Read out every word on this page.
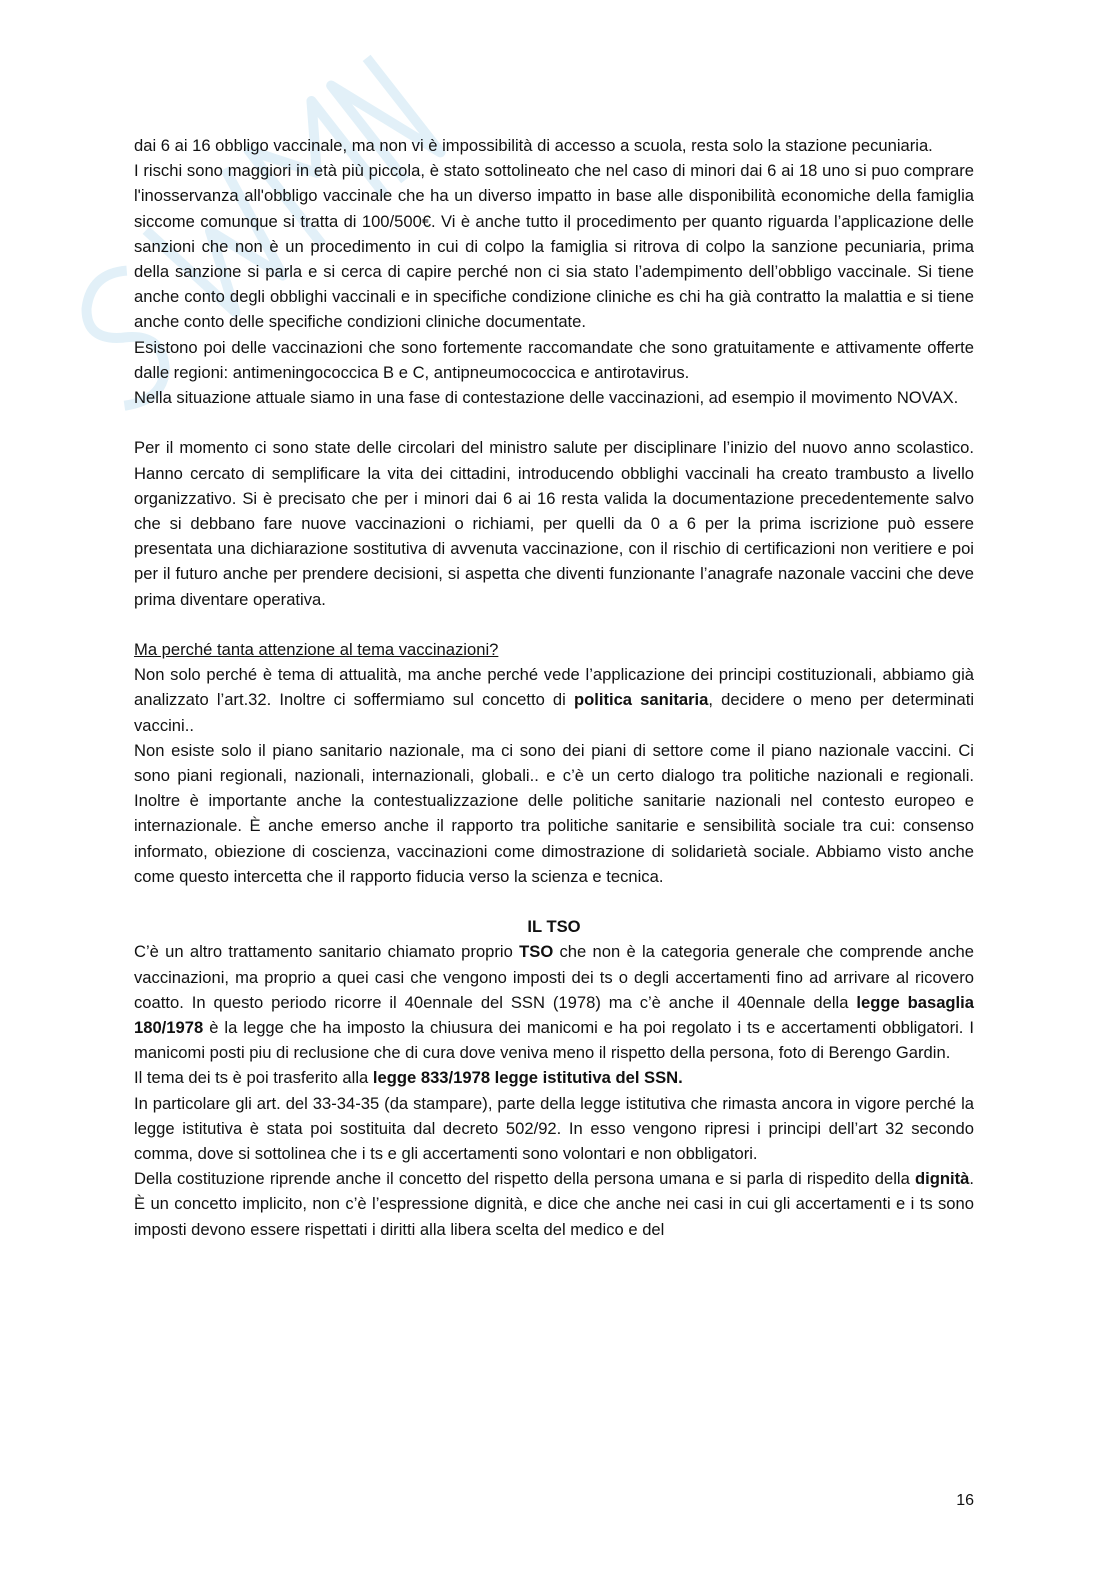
dai 6 ai 16 obbligo vaccinale, ma non vi è impossibilità di accesso a scuola, resta solo la stazione pecuniaria.

I rischi sono maggiori in età più piccola, è stato sottolineato che nel caso di minori dai 6 ai 18 uno si puo comprare l'inosservanza all'obbligo vaccinale che ha un diverso impatto in base alle disponibilità economiche della famiglia siccome comunque si tratta di 100/500€. Vi è anche tutto il procedimento per quanto riguarda l’applicazione delle sanzioni che non è un procedimento in cui di colpo la famiglia si ritrova di colpo la sanzione pecuniaria, prima della sanzione si parla e si cerca di capire perché non ci sia stato l’adempimento dell’obbligo vaccinale. Si tiene anche conto degli obblighi vaccinali e in specifiche condizione cliniche es chi ha già contratto la malattia e si tiene anche conto delle specifiche condizioni cliniche documentate.

Esistono poi delle vaccinazioni che sono fortemente raccomandate che sono gratuitamente e attivamente offerte dalle regioni: antimeningococcica B e C, antipneumococcica e antirotavirus.

Nella situazione attuale siamo in una fase di contestazione delle vaccinazioni, ad esempio il movimento NOVAX.

Per il momento ci sono state delle circolari del ministro salute per disciplinare l’inizio del nuovo anno scolastico. Hanno cercato di semplificare la vita dei cittadini, introducendo obblighi vaccinali ha creato trambusto a livello organizzativo. Si è precisato che per i minori dai 6 ai 16 resta valida la documentazione precedentemente salvo che si debbano fare nuove vaccinazioni o richiami, per quelli da 0 a 6 per la prima iscrizione può essere presentata una dichiarazione sostitutiva di avvenuta vaccinazione, con il rischio di certificazioni non veritiere e poi per il futuro anche per prendere decisioni, si aspetta che diventi funzionante l’anagrafe nazonale vaccini che deve prima diventare operativa.

Ma perché tanta attenzione al tema vaccinazioni?

Non solo perché è tema di attualità, ma anche perché vede l’applicazione dei principi costituzionali, abbiamo già analizzato l’art.32. Inoltre ci soffermiamo sul concetto di politica sanitaria, decidere o meno per determinati vaccini..

Non esiste solo il piano sanitario nazionale, ma ci sono dei piani di settore come il piano nazionale vaccini. Ci sono piani regionali, nazionali, internazionali, globali.. e c’è un certo dialogo tra politiche nazionali e regionali. Inoltre è importante anche la contestualizzazione delle politiche sanitarie nazionali nel contesto europeo e internazionale. È anche emerso anche il rapporto tra politiche sanitarie e sensibilità sociale tra cui: consenso informato, obiezione di coscienza, vaccinazioni come dimostrazione di solidarietà sociale. Abbiamo visto anche come questo intercetta che il rapporto fiducia verso la scienza e tecnica.

IL TSO

C’è un altro trattamento sanitario chiamato proprio TSO che non è la categoria generale che comprende anche vaccinazioni, ma proprio a quei casi che vengono imposti dei ts o degli accertamenti fino ad arrivare al ricovero coatto. In questo periodo ricorre il 40ennale del SSN (1978) ma c’è anche il 40ennale della legge basaglia 180/1978 è la legge che ha imposto la chiusura dei manicomi e ha poi regolato i ts e accertamenti obbligatori. I manicomi posti piu di reclusione che di cura dove veniva meno il rispetto della persona, foto di Berengo Gardin.

Il tema dei ts è poi trasferito alla legge 833/1978 legge istitutiva del SSN.

In particolare gli art. del 33-34-35 (da stampare), parte della legge istitutiva che rimasta ancora in vigore perché la legge istitutiva è stata poi sostituita dal decreto 502/92. In esso vengono ripresi i principi dell’art 32 secondo comma, dove si sottolinea che i ts e gli accertamenti sono volontari e non obbligatori.

Della costituzione riprende anche il concetto del rispetto della persona umana e si parla di rispedito della dignità. È un concetto implicito, non c’è l’espressione dignità, e dice che anche nei casi in cui gli accertamenti e i ts sono imposti devono essere rispettati i diritti alla libera scelta del medico e del

16
